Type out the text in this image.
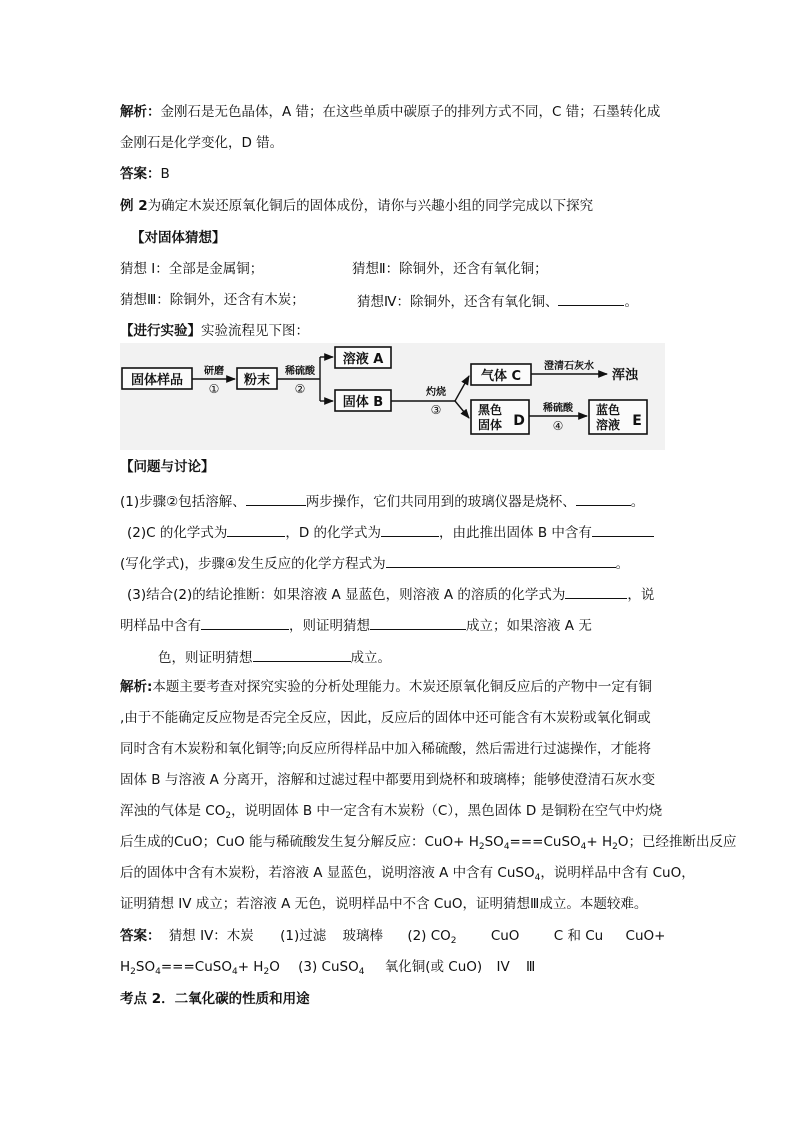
解析：金刚石是无色晶体，A 错；在这些单质中碳原子的排列方式不同，C 错；石墨转化成
金刚石是化学变化，D 错。
答案：B
例 2为确定木炭还原氧化铜后的固体成份，请你与兴趣小组的同学完成以下探究
【对固体猜想】
猜想 I：全部是金属铜；	猜想Ⅱ：除铜外，还含有氧化铜；
猜想Ⅲ：除铜外，还含有木炭；	猜想Ⅳ：除铜外，还含有氧化铜、	。
【进行实验】实验流程见下图：
固体样品
研磨
①
粉末
稀硫酸
②
溶液 A
固体 B
灼烧
③
气体 C
澄清石灰水
浑浊
黑色
固体 D
稀硫酸
④
蓝色
溶液 E
【问题与讨论】
(1)步骤②包括溶解、	两步操作，它们共同用到的玻璃仪器是烧杯、	。
(2)C 的化学式为	，D 的化学式为	，由此推出固体 B 中含有
(写化学式)，步骤④发生反应的化学方程式为	。
(3)结合(2)的结论推断：如果溶液 A 显蓝色，则溶液 A 的溶质的化学式为	，说
明样品中含有	，则证明猜想	成立；如果溶液 A 无
色，则证明猜想	成立。
解析:本题主要考查对探究实验的分析处理能力。木炭还原氧化铜反应后的产物中一定有铜
,由于不能确定反应物是否完全反应，因此，反应后的固体中还可能含有木炭粉或氧化铜或
同时含有木炭粉和氧化铜等;向反应所得样品中加入稀硫酸，然后需进行过滤操作，才能将
固体 B 与溶液 A 分离开，溶解和过滤过程中都要用到烧杯和玻璃棒；能够使澄清石灰水变
浑浊的气体是 $CO_2$，说明固体 B 中一定含有木炭粉（C），黑色固体 D 是铜粉在空气中灼烧
后生成的CuO；CuO 能与稀硫酸发生复分解反应：$CuO+ H_2SO_4===CuSO_4+ H_2O$；已经推断出反应
后的固体中含有木炭粉，若溶液 A 显蓝色，说明溶液 A 中含有 CuSO$_4$，说明样品中含有 CuO，
证明猜想 IV 成立；若溶液 A 无色，说明样品中不含 CuO，证明猜想Ⅲ成立。本题较难。
答案： 猜想 IV：木炭 (1)过滤 玻璃棒 (2) $CO_2$	CuO	C 和 Cu CuO+
$H_2SO_4===CuSO_4+ H_2O$ (3) CuSO$_4$ 氧化铜(或 CuO) IV Ⅲ
考点 2．二氧化碳的性质和用途
